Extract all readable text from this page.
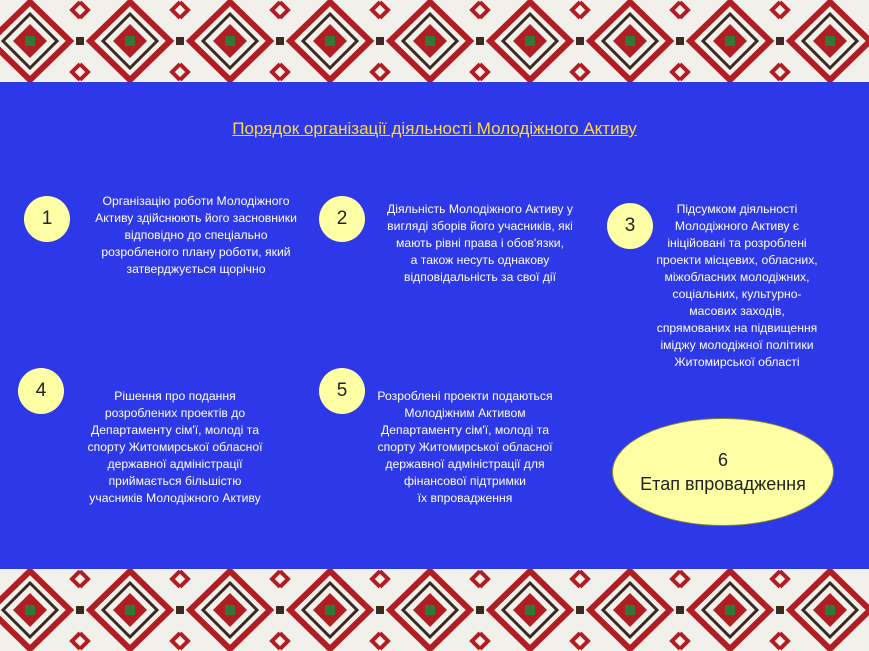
Порядок організації діяльності Молодіжного Активу
1
Організацію роботи Молодіжного
Активу здійснюють його засновники
відповідно до спеціально
розробленого плану роботи, який
затверджується щорічно
2	Діяльність Молодіжного Активу у
вигляді зборів його учасників, які
мають рівні права і обов'язки,
а також несуть однакову
відповідальність за свої дії
3
Підсумком діяльності
Молодіжного Активу є
ініційовані та розроблені
проекти місцевих, обласних,
міжобласних молодіжних,
соціальних, культурно-
масових заходів,
спрямованих на підвищення
іміджу молодіжної політики
Житомирської області
4	Рішення про подання
розроблених проектів до
Департаменту сім'ї, молоді та
спорту Житомирської обласної
державної адміністрації
приймається більшістю
учасників Молодіжного Активу
5	Розроблені проекти подаються
Молодіжним Активом
Департаменту сім'ї, молоді та
спорту Житомирської обласної
державної адміністрації для
фінансової підтримки
їх впровадження
6
Етап впровадження
